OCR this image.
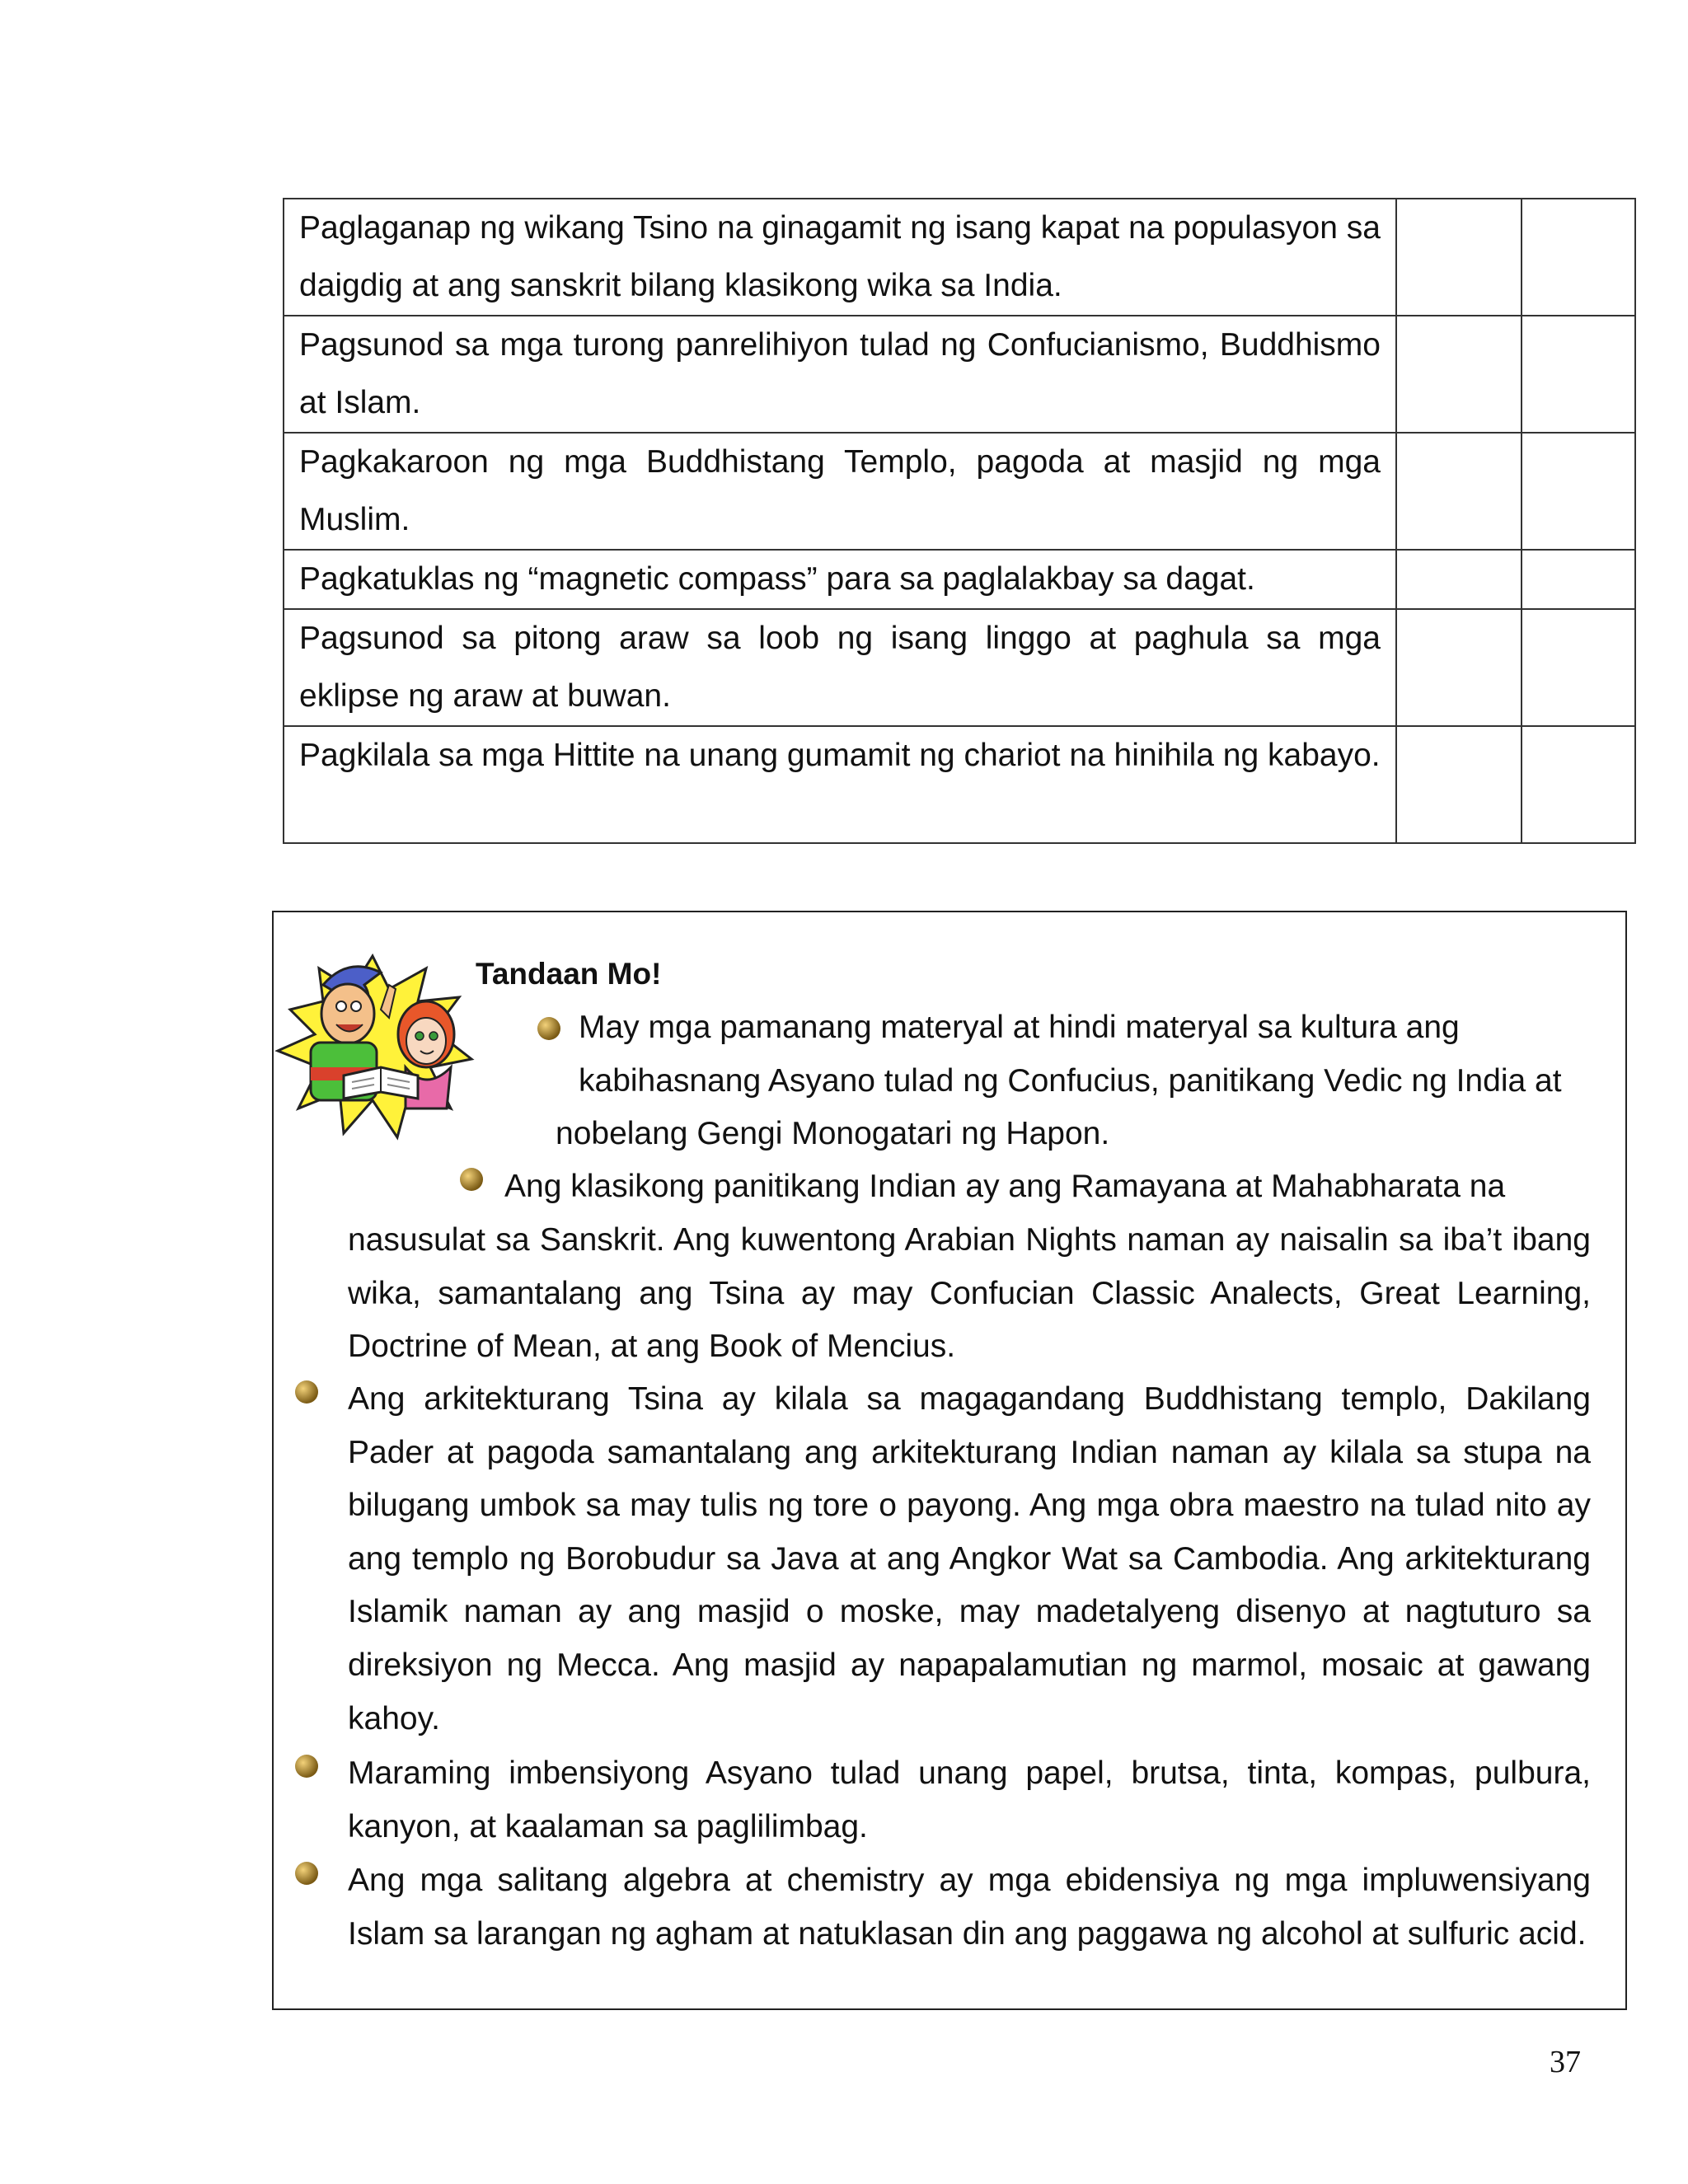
Paglaganap ng wikang Tsino na ginagamit ng isang kapat na populasyon sa daigdig at ang sanskrit bilang klasikong wika sa India.		
Pagsunod sa mga turong panrelihiyon tulad ng Confucianismo, Buddhismo at Islam.		
Pagkakaroon ng mga Buddhistang Templo, pagoda at masjid ng mga Muslim.		
Pagkatuklas ng “magnetic compass” para sa paglalakbay sa dagat.		
Pagsunod sa pitong araw sa loob ng isang linggo at paghula sa mga eklipse ng araw at buwan.		
Pagkilala sa mga Hittite na unang gumamit ng chariot na hinihila ng kabayo.		
Tandaan Mo!
May mga pamanang materyal at hindi materyal sa kultura ang
kabihasnang Asyano tulad ng Confucius, panitikang Vedic ng India at
nobelang Gengi Monogatari ng Hapon.
Ang klasikong panitikang Indian ay ang Ramayana at Mahabharata na
nasusulat sa Sanskrit. Ang kuwentong Arabian Nights naman ay naisalin sa iba’t ibang wika, samantalang ang Tsina ay may Confucian Classic Analects, Great Learning, Doctrine of Mean, at ang Book of Mencius.
Ang arkitekturang Tsina ay kilala sa magagandang Buddhistang templo, Dakilang Pader at pagoda samantalang ang arkitekturang Indian naman ay kilala sa stupa na bilugang umbok sa may tulis ng tore o payong. Ang mga obra maestro na tulad nito ay ang templo ng Borobudur sa Java at ang Angkor Wat sa Cambodia. Ang arkitekturang Islamik naman ay ang masjid o moske, may madetalyeng disenyo at nagtuturo sa direksiyon ng Mecca. Ang masjid ay napapalamutian ng marmol, mosaic at gawang kahoy.
Maraming imbensiyong Asyano tulad unang papel, brutsa, tinta, kompas, pulbura, kanyon, at kaalaman sa paglilimbag.
Ang mga salitang algebra at chemistry ay mga ebidensiya ng mga impluwensiyang Islam sa larangan ng agham at natuklasan din ang paggawa ng alcohol at sulfuric acid.
37
